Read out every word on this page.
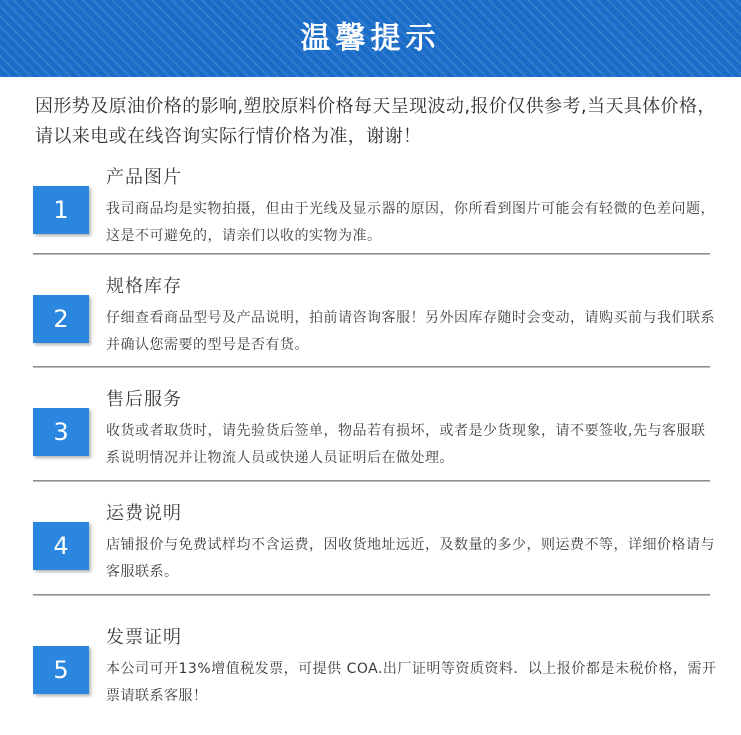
温馨提示
因形势及原油价格的影响,塑胶原料价格每天呈现波动,报价仅供参考,当天具体价格，请以来电或在线咨询实际行情价格为准，谢谢！
1
产品图片
我司商品均是实物拍摄，但由于光线及显示器的原因，你所看到图片可能会有轻微的色差问题，这是不可避免的，请亲们以收的实物为准。
2
规格库存
仔细查看商品型号及产品说明，拍前请咨询客服！另外因库存随时会变动，请购买前与我们联系并确认您需要的型号是否有货。
3
售后服务
收货或者取货时，请先验货后签单，物品若有损坏，或者是少货现象，请不要签收,先与客服联系说明情况并让物流人员或快递人员证明后在做处理。
4
运费说明
店铺报价与免费试样均不含运费，因收货地址远近，及数量的多少，则运费不等，详细价格请与客服联系。
5
发票证明
本公司可开13%增值税发票，可提供 COA.出厂证明等资质资料．以上报价都是未税价格，需开票请联系客服！
